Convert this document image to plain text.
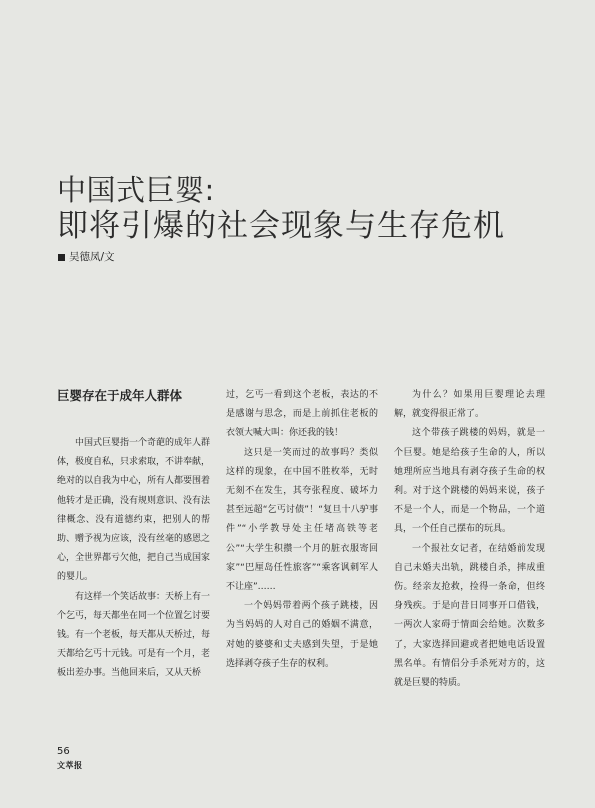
中国式巨婴:
即将引爆的社会现象与生存危机
吴德凤/文

巨婴存在于成年人群体

中国式巨婴指一个奇葩的成年人群体，极度自私，只求索取，不讲奉献，绝对的以自我为中心，所有人都要围着他转才是正确，没有规则意识、没有法律概念、没有道德约束，把别人的帮助、赠予视为应该，没有丝毫的感恩之心，全世界都亏欠他，把自己当成国家的婴儿。

有这样一个笑话故事：天桥上有一个乞丐，每天都坐在同一个位置乞讨要钱。有一个老板，每天都从天桥过，每天都给乞丐十元钱。可是有一个月，老板出差办事。当他回来后，又从天桥

过，乞丐一看到这个老板，表达的不是感谢与思念，而是上前抓住老板的衣领大喊大叫：你还我的钱！

这只是一笑而过的故事吗？类似这样的现象，在中国不胜枚举，无时无刻不在发生，其夸张程度、破坏力甚至远超“乞丐讨债”！“复旦十八驴事件”“小学教导处主任堵高铁等老公”“大学生积攒一个月的脏衣服寄回家”“巴厘岛任性旅客”“乘客讽刺军人不让座”……

一个妈妈带着两个孩子跳楼，因为当妈妈的人对自己的婚姻不满意，对她的婆婆和丈夫感到失望，于是她选择剥夺孩子生存的权利。

为什么？如果用巨婴理论去理解，就变得很正常了。

这个带孩子跳楼的妈妈，就是一个巨婴。她是给孩子生命的人，所以她理所应当地具有剥夺孩子生命的权利。对于这个跳楼的妈妈来说，孩子不是一个人，而是一个物品，一个道具，一个任自己摆布的玩具。

一个报社女记者，在结婚前发现自己未婚夫出轨，跳楼自杀，摔成重伤。经亲友抢救，捡得一条命，但终身残疾。于是向昔日同事开口借钱，一两次人家碍于情面会给她。次数多了，大家选择回避或者把她电话设置黑名单。有情侣分手杀死对方的，这就是巨婴的特质。

56
文萃报
